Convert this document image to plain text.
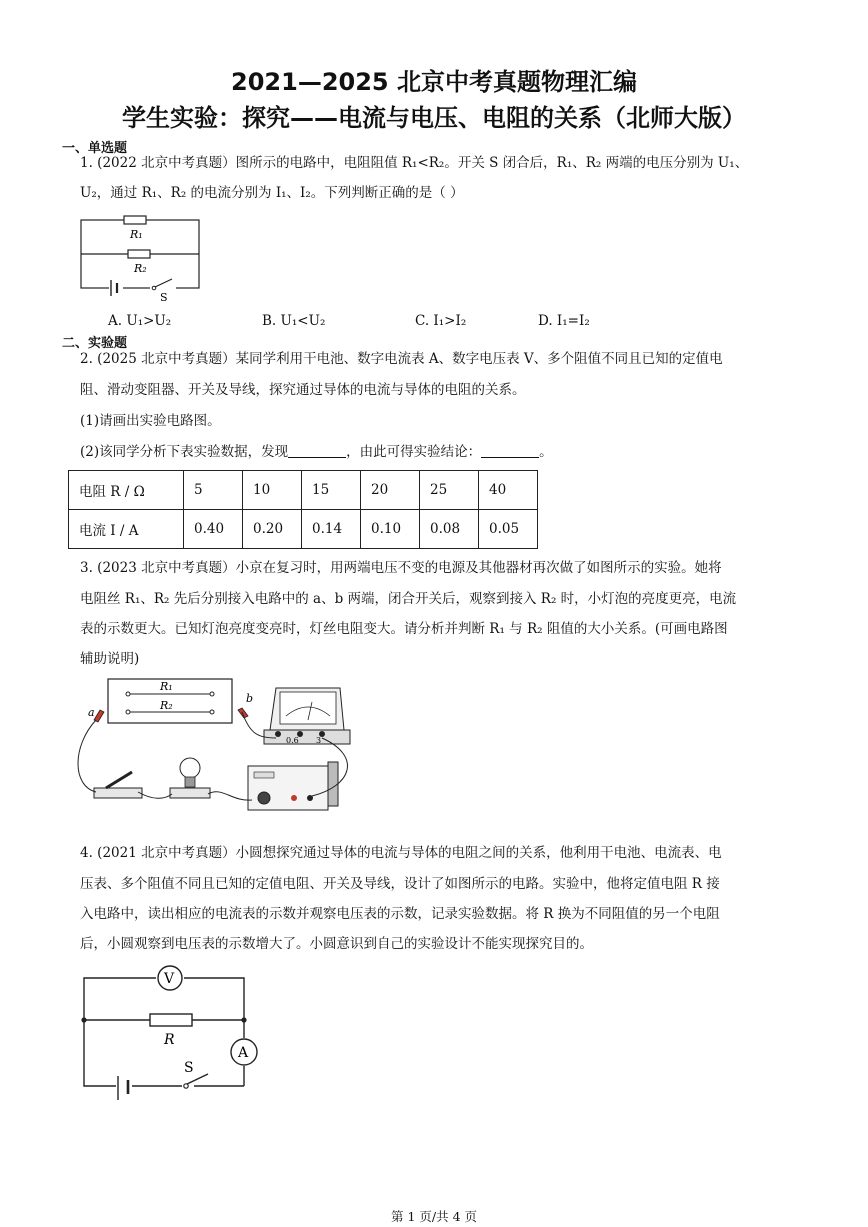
2021—2025 北京中考真题物理汇编
学生实验：探究——电流与电压、电阻的关系（北师大版）
一、单选题
1. (2022 北京中考真题）图所示的电路中，电阻阻值 R₁<R₂。开关 S 闭合后，R₁、R₂ 两端的电压分别为 U₁、
U₂，通过 R₁、R₂ 的电流分别为 I₁、I₂。下列判断正确的是（ ）
R₁
R₂
S
A. U₁>U₂	B. U₁<U₂	C. I₁>I₂	D. I₁=I₂
二、实验题
2. (2025 北京中考真题）某同学利用干电池、数字电流表 A、数字电压表 V、多个阻值不同且已知的定值电
阻、滑动变阻器、开关及导线，探究通过导体的电流与导体的电阻的关系。
(1)请画出实验电路图。
(2)该同学分析下表实验数据，发现	，由此可得实验结论：	。
电阻 R / Ω	5	10	15	20	25	40
电流 I / A	0.40	0.20	0.14	0.10	0.08	0.05
3. (2023 北京中考真题）小京在复习时，用两端电压不变的电源及其他器材再次做了如图所示的实验。她将
电阻丝 R₁、R₂ 先后分别接入电路中的 a、b 两端，闭合开关后，观察到接入 R₂ 时，小灯泡的亮度更亮，电流
表的示数更大。已知灯泡亮度变亮时，灯丝电阻变大。请分析并判断 R₁ 与 R₂ 阻值的大小关系。(可画电路图
辅助说明)
R₁
R₂
a
b
0.6 3
4. (2021 北京中考真题）小圆想探究通过导体的电流与导体的电阻之间的关系，他利用干电池、电流表、电
压表、多个阻值不同且已知的定值电阻、开关及导线，设计了如图所示的电路。实验中，他将定值电阻 R 接
入电路中，读出相应的电流表的示数并观察电压表的示数，记录实验数据。将 R 换为不同阻值的另一个电阻
后，小圆观察到电压表的示数增大了。小圆意识到自己的实验设计不能实现探究目的。
V
R
A
S
第 1 页/共 4 页
